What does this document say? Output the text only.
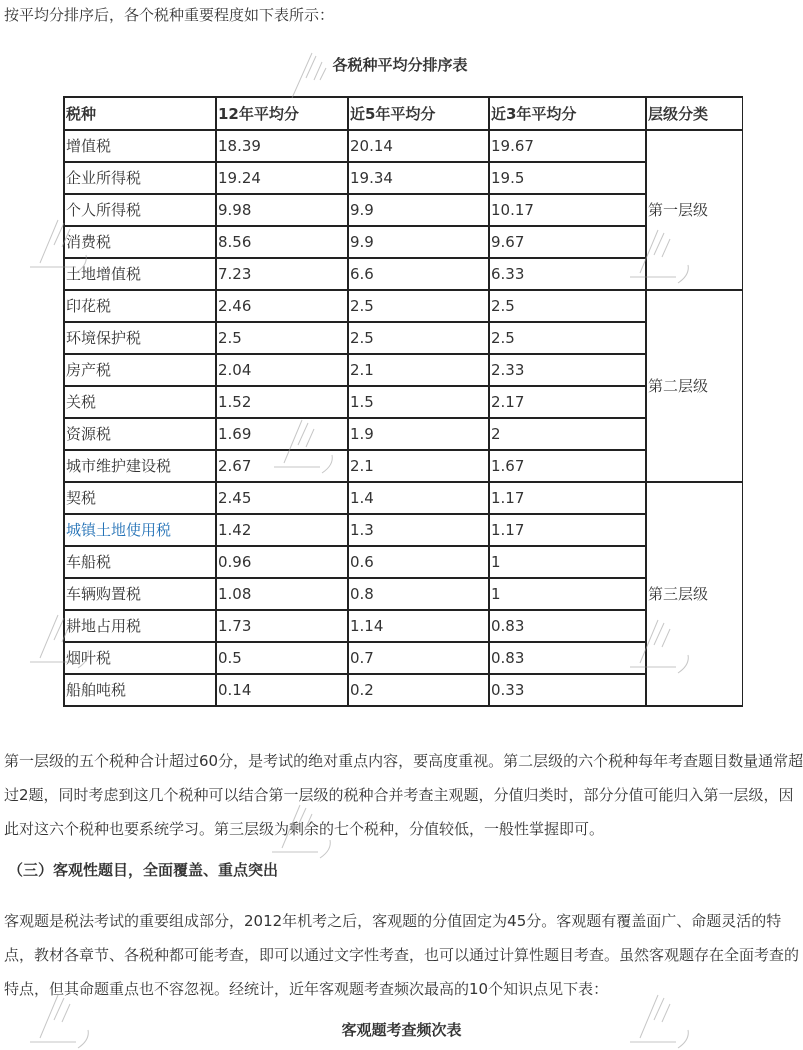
按平均分排序后，各个税种重要程度如下表所示：
各税种平均分排序表
税种	12年平均分	近5年平均分	近3年平均分	层级分类
增值税	18.39	20.14	19.67	第一层级
企业所得税	19.24	19.34	19.5	
个人所得税	9.98	9.9	10.17	
消费税	8.56	9.9	9.67	
土地增值税	7.23	6.6	6.33	
印花税	2.46	2.5	2.5	第二层级
环境保护税	2.5	2.5	2.5	
房产税	2.04	2.1	2.33	
关税	1.52	1.5	2.17	
资源税	1.69	1.9	2	
城市维护建设税	2.67	2.1	1.67	
契税	2.45	1.4	1.17	第三层级
城镇土地使用税	1.42	1.3	1.17	
车船税	0.96	0.6	1	
车辆购置税	1.08	0.8	1	
耕地占用税	1.73	1.14	0.83	
烟叶税	0.5	0.7	0.83	
船舶吨税	0.14	0.2	0.33	
第一层级的五个税种合计超过60分，是考试的绝对重点内容，要高度重视。第二层级的六个税种每年考查题目数量通常超过2题，同时考虑到这几个税种可以结合第一层级的税种合并考查主观题，分值归类时，部分分值可能归入第一层级，因此对这六个税种也要系统学习。第三层级为剩余的七个税种，分值较低，一般性掌握即可。
（三）客观性题目，全面覆盖、重点突出
客观题是税法考试的重要组成部分，2012年机考之后，客观题的分值固定为45分。客观题有覆盖面广、命题灵活的特点，教材各章节、各税种都可能考查，即可以通过文字性考查，也可以通过计算性题目考查。虽然客观题存在全面考查的特点，但其命题重点也不容忽视。经统计，近年客观题考查频次最高的10个知识点见下表：
客观题考查频次表
